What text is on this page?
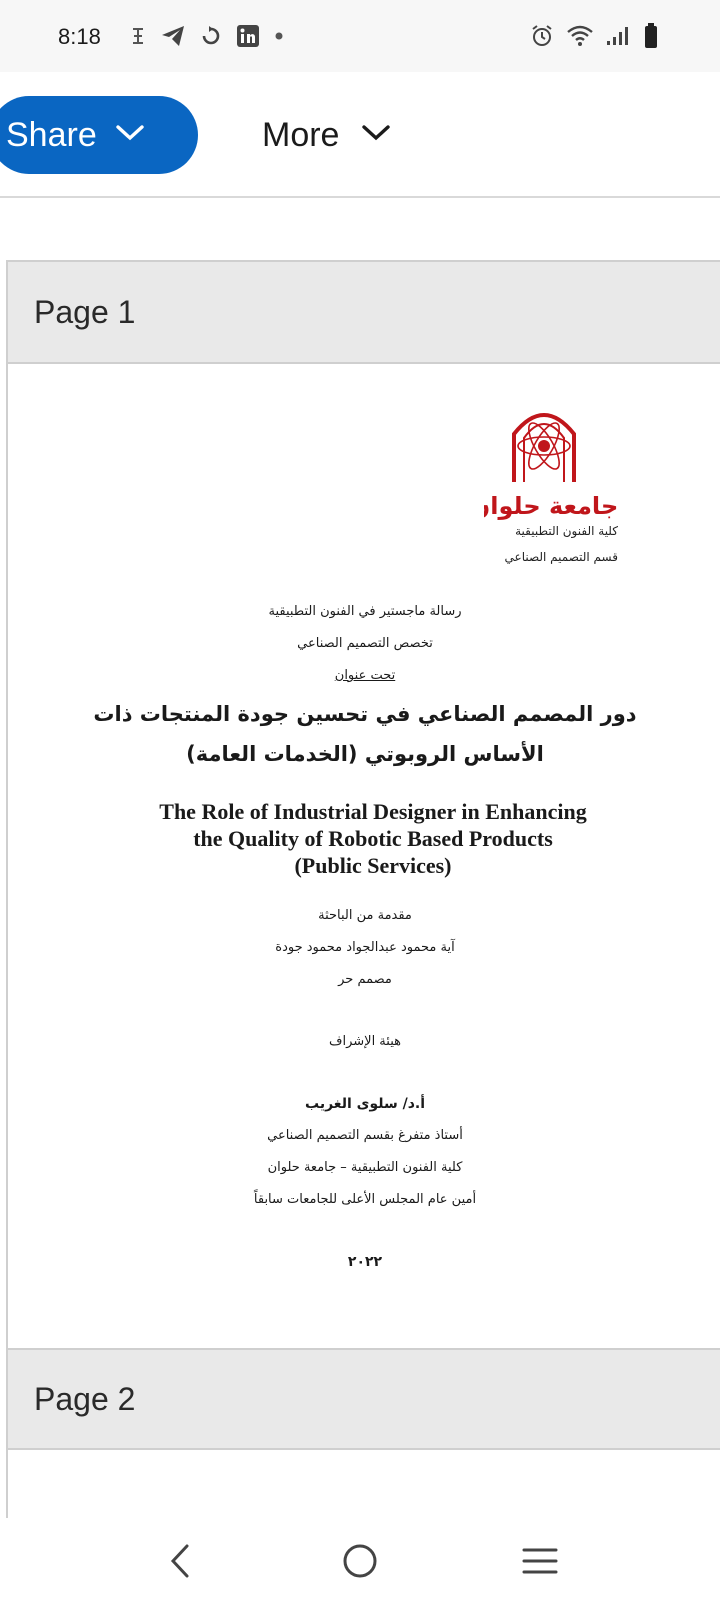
8:18
Share	More
Page 1
جامعة حلوان
كلية الفنون التطبيقية
قسم التصميم الصناعي
رسالة ماجستير في الفنون التطبيقية
تخصص التصميم الصناعي
تحت عنوان
دور المصمم الصناعي في تحسين جودة المنتجات ذات
الأساس الروبوتي (الخدمات العامة)
The Role of Industrial Designer in Enhancing
the Quality of Robotic Based Products
(Public Services)
مقدمة من الباحثة
آية محمود عبدالجواد محمود جودة
مصمم حر
هيئة الإشراف
أ.د/ سلوى الغريب
أستاذ متفرغ بقسم التصميم الصناعي
كلية الفنون التطبيقية – جامعة حلوان
أمين عام المجلس الأعلى للجامعات سابقاً
٢٠٢٢
Page 2
